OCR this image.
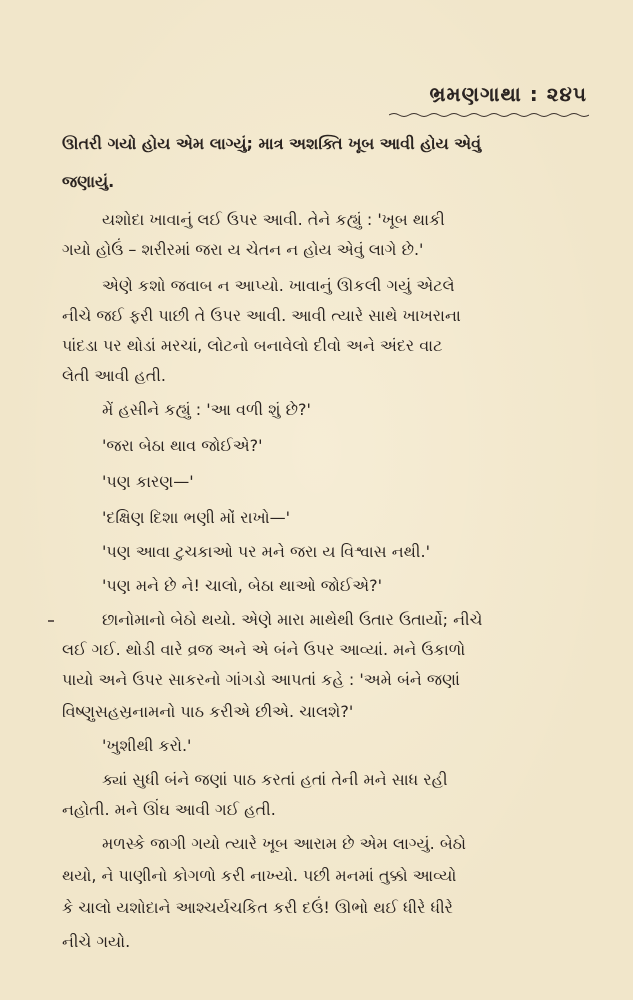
ભ્રમણગાથા : ૨૪૫
ઊતરી ગયો હોય એમ લાગ્યું; માત્ર અશક્તિ ખૂબ આવી હોય એવું
જણાયું.
યશોદા ખાવાનું લઈ ઉપર આવી. તેને કહ્યું : 'ખૂબ થાકી
ગયો હોઉં – શરીરમાં જરા ય ચેતન ન હોય એવું લાગે છે.'
એણે કશો જવાબ ન આપ્યો. ખાવાનું ઊકલી ગયું એટલે
નીચે જઈ ફરી પાછી તે ઉપર આવી. આવી ત્યારે સાથે ખાખરાના
પાંદડા પર થોડાં મરચાં, લોટનો બનાવેલો દીવો અને અંદર વાટ
લેતી આવી હતી.
મેં હસીને કહ્યું : 'આ વળી શું છે?'
'જરા બેઠા થાવ જોઈએ?'
'પણ કારણ—'
'દક્ષિણ દિશા ભણી મોં રાખો—'
'પણ આવા ટુચકાઓ પર મને જરા ય વિશ્વાસ નથી.'
'પણ મને છે ને! ચાલો, બેઠા થાઓ જોઈએ?'
છાનોમાનો બેઠો થયો. એણે મારા માથેથી ઉતાર ઉતાર્યો; નીચે
લઈ ગઈ. થોડી વારે વ્રજ અને એ બંને ઉપર આવ્યાં. મને ઉકાળો
પાયો અને ઉપર સાકરનો ગાંગડો આપતાં કહે : 'અમે બંને જણાં
વિષ્ણુસહસ્રનામનો પાઠ કરીએ છીએ. ચાલશે?'
'ખુશીથી કરો.'
ક્યાં સુધી બંને જણાં પાઠ કરતાં હતાં તેની મને સાધ રહી
નહોતી. મને ઊંઘ આવી ગઈ હતી.
મળસ્કે જાગી ગયો ત્યારે ખૂબ આરામ છે એમ લાગ્યું. બેઠો
થયો, ને પાણીનો કોગળો કરી નાખ્યો. પછી મનમાં તુક્કો આવ્યો
કે ચાલો યશોદાને આશ્ચર્યચકિત કરી દઉં! ઊભો થઈ ધીરે ધીરે
નીચે ગયો.
